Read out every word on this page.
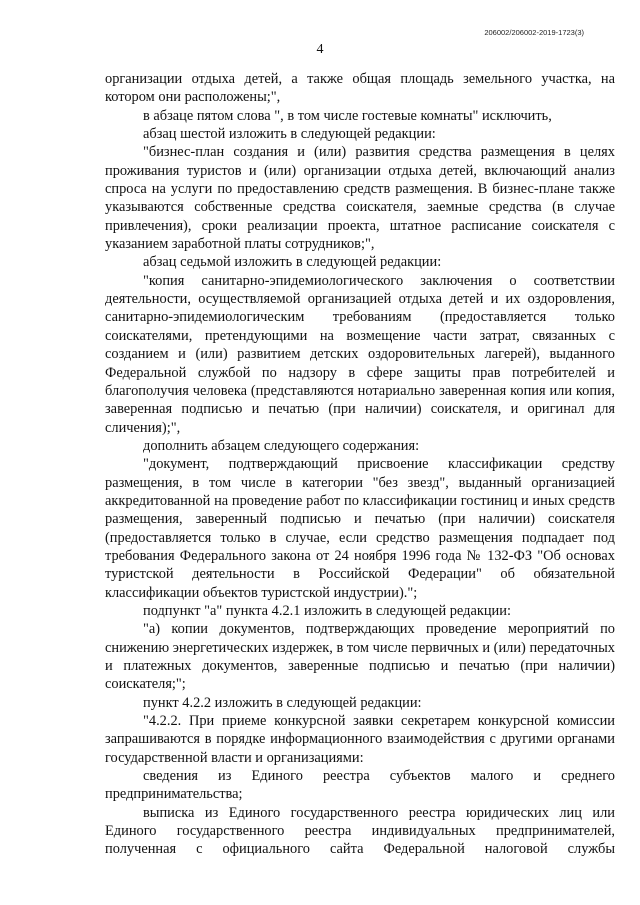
206002/206002-2019-1723(3)
4

организации отдыха детей, а также общая площадь земельного участка, на котором они расположены;",

в абзаце пятом слова ", в том числе гостевые комнаты" исключить,

абзац шестой изложить в следующей редакции:

"бизнес-план создания и (или) развития средства размещения в целях проживания туристов и (или) организации отдыха детей, включающий анализ спроса на услуги по предоставлению средств размещения. В бизнес-плане также указываются собственные средства соискателя, заемные средства (в случае привлечения), сроки реализации проекта, штатное расписание соискателя с указанием заработной платы сотрудников;",

абзац седьмой изложить в следующей редакции:

"копия санитарно-эпидемиологического заключения о соответствии деятельности, осуществляемой организацией отдыха детей и их оздоровления, санитарно-эпидемиологическим требованиям (предоставляется только соискателями, претендующими на возмещение части затрат, связанных с созданием и (или) развитием детских оздоровительных лагерей), выданного Федеральной службой по надзору в сфере защиты прав потребителей и благополучия человека (представляются нотариально заверенная копия или копия, заверенная подписью и печатью (при наличии) соискателя, и оригинал для сличения);",

дополнить абзацем следующего содержания:

"документ, подтверждающий присвоение классификации средству размещения, в том числе в категории "без звезд", выданный организацией аккредитованной на проведение работ по классификации гостиниц и иных средств размещения, заверенный подписью и печатью (при наличии) соискателя (предоставляется только в случае, если средство размещения подпадает под требования Федерального закона от 24 ноября 1996 года № 132-ФЗ "Об основах туристской деятельности в Российской Федерации" об обязательной классификации объектов туристской индустрии).";

подпункт "а" пункта 4.2.1 изложить в следующей редакции:

"а) копии документов, подтверждающих проведение мероприятий по снижению энергетических издержек, в том числе первичных и (или) передаточных и платежных документов, заверенные подписью и печатью (при наличии) соискателя;";

пункт 4.2.2 изложить в следующей редакции:

"4.2.2. При приеме конкурсной заявки секретарем конкурсной комиссии запрашиваются в порядке информационного взаимодействия с другими органами государственной власти и организациями:

сведения из Единого реестра субъектов малого и среднего предпринимательства;

выписка из Единого государственного реестра юридических лиц или Единого государственного реестра индивидуальных предпринимателей, полученная с официального сайта Федеральной налоговой службы
